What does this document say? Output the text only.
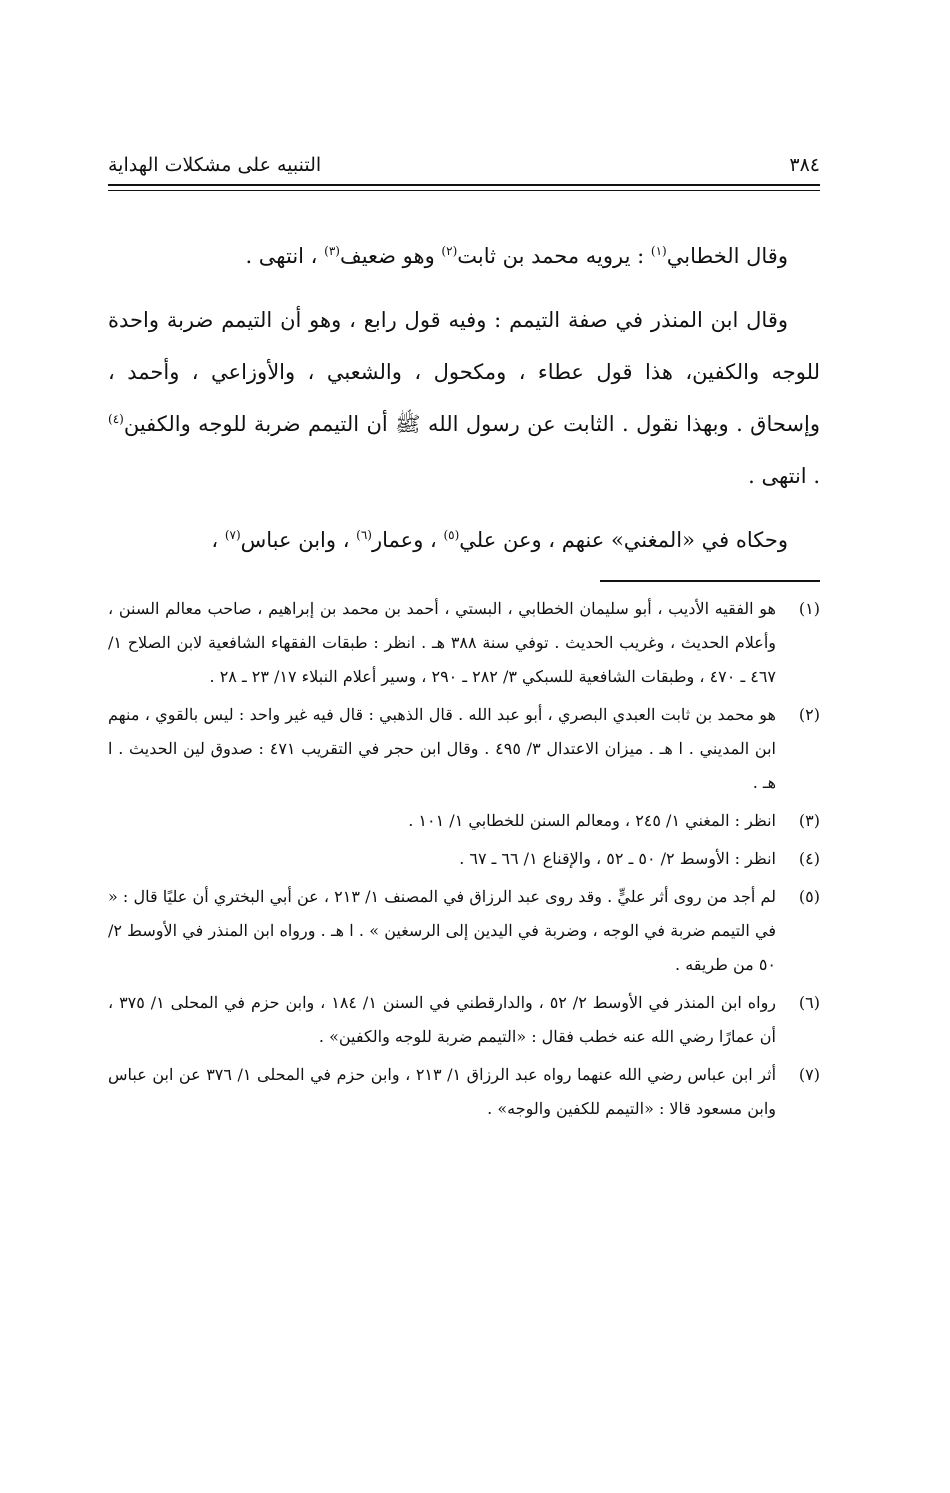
٣٨٤
التنبيه على مشكلات الهداية

وقال الخطابي$^{(١)}$ : يرويه محمد بن ثابت$^{(٢)}$ وهو ضعيف$^{(٣)}$ ، انتهى .

وقال ابن المنذر في صفة التيمم : وفيه قول رابع ، وهو أن التيمم ضربة واحدة للوجه والكفين، هذا قول عطاء ، ومكحول ، والشعبي ، والأوزاعي ، وأحمد ، وإسحاق . وبهذا نقول . الثابت عن رسول الله ﷺ أن التيمم ضربة للوجه والكفين$^{(٤)}$ . انتهى .

وحكاه في «المغني» عنهم ، وعن علي$^{(٥)}$ ، وعمار$^{(٦)}$ ، وابن عباس$^{(٧)}$ ،

(١)
هو الفقيه الأديب ، أبو سليمان الخطابي ، البستي ، أحمد بن محمد بن إبراهيم ، صاحب معالم السنن ، وأعلام الحديث ، وغريب الحديث . توفي سنة ٣٨٨ هـ . انظر : طبقات الفقهاء الشافعية لابن الصلاح ١/ ٤٦٧ ـ ٤٧٠ ، وطبقات الشافعية للسبكي ٣/ ٢٨٢ ـ ٢٩٠ ، وسير أعلام النبلاء ١٧/ ٢٣ ـ ٢٨ .
(٢)
هو محمد بن ثابت العبدي البصري ، أبو عبد الله . قال الذهبي : قال فيه غير واحد : ليس بالقوي ، منهم ابن المديني . ا هـ . ميزان الاعتدال ٣/ ٤٩٥ . وقال ابن حجر في التقريب ٤٧١ : صدوق لين الحديث . ا هـ .
(٣)
انظر : المغني ١/ ٢٤٥ ، ومعالم السنن للخطابي ١/ ١٠١ .
(٤)
انظر : الأوسط ٢/ ٥٠ ـ ٥٢ ، والإقناع ١/ ٦٦ ـ ٦٧ .
(٥)
لم أجد من روى أثر عليٍّ . وقد روى عبد الرزاق في المصنف ١/ ٢١٣ ، عن أبي البختري أن عليًا قال : « في التيمم ضربة في الوجه ، وضربة في اليدين إلى الرسغين » . ا هـ . ورواه ابن المنذر في الأوسط ٢/ ٥٠ من طريقه .
(٦)
رواه ابن المنذر في الأوسط ٢/ ٥٢ ، والدارقطني في السنن ١/ ١٨٤ ، وابن حزم في المحلى ١/ ٣٧٥ ، أن عمارًا رضي الله عنه خطب فقال : «التيمم ضربة للوجه والكفين» .
(٧)
أثر ابن عباس رضي الله عنهما رواه عبد الرزاق ١/ ٢١٣ ، وابن حزم في المحلى ١/ ٣٧٦ عن ابن عباس وابن مسعود قالا : «التيمم للكفين والوجه» .
